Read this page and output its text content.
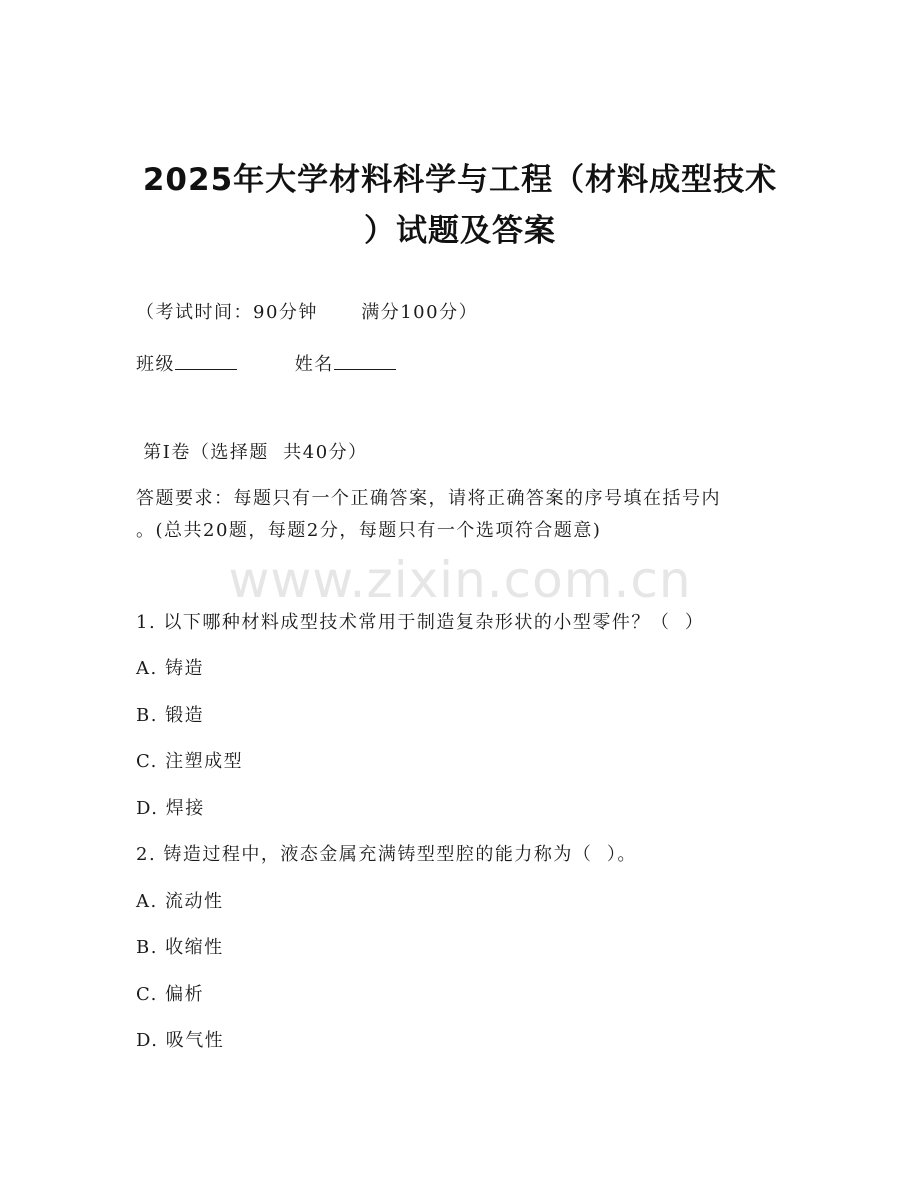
2025年大学材料科学与工程（材料成型技术
）试题及答案
（考试时间：90分钟      满分100分）
班级	姓名
第I卷（选择题  共40分）
答题要求：每题只有一个正确答案，请将正确答案的序号填在括号内
。(总共20题，每题2分，每题只有一个选项符合题意)
www.zixin.com.cn
1. 以下哪种材料成型技术常用于制造复杂形状的小型零件？（  ）
A. 铸造
B. 锻造
C. 注塑成型
D. 焊接
2. 铸造过程中，液态金属充满铸型型腔的能力称为（  ）。
A. 流动性
B. 收缩性
C. 偏析
D. 吸气性
